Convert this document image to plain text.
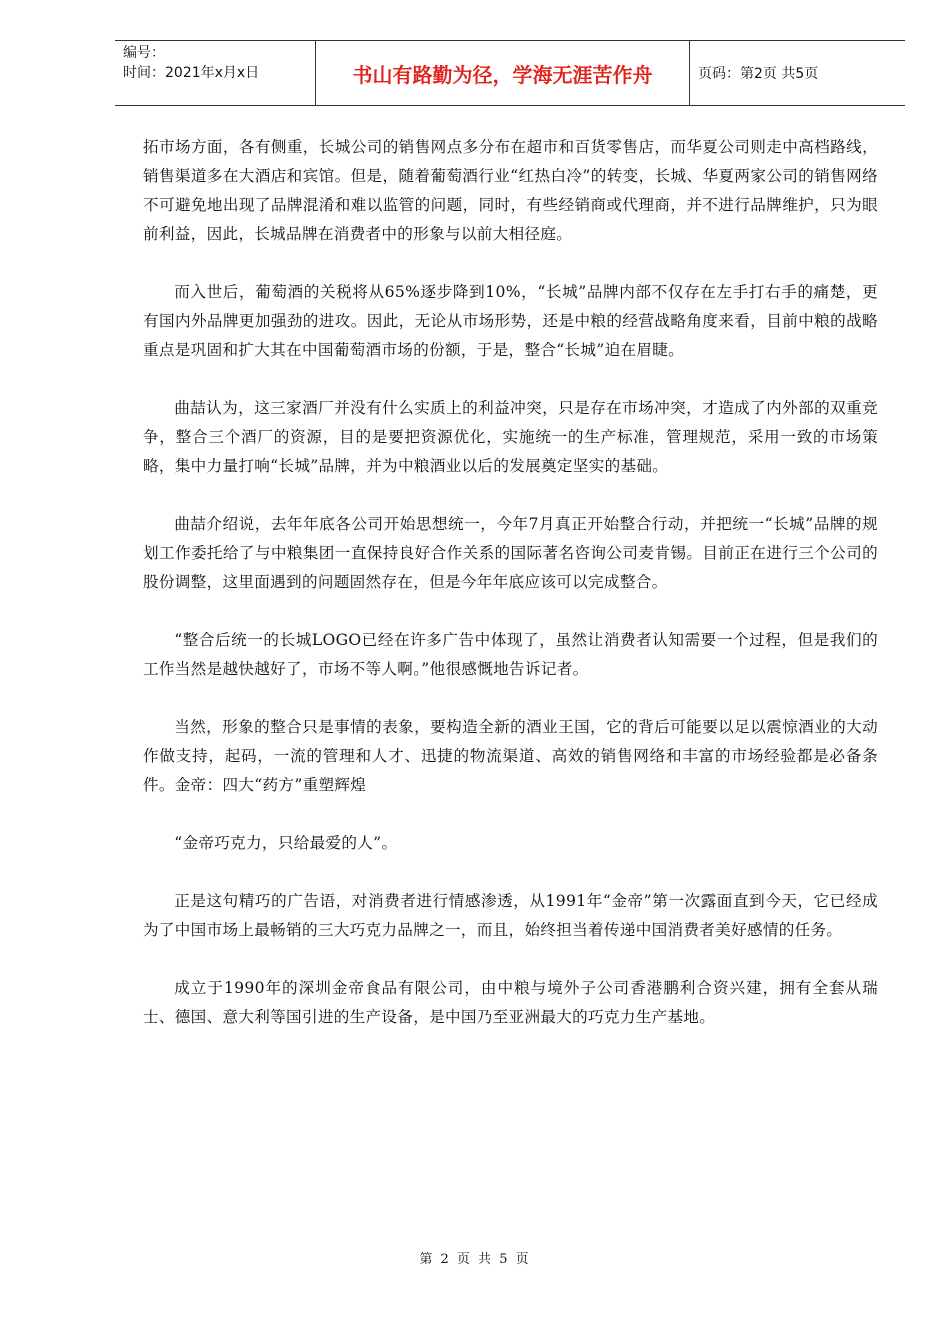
编号：
时间：2021年x月x日	书山有路勤为径，学海无涯苦作舟	页码：第2页 共5页

拓市场方面，各有侧重，长城公司的销售网点多分布在超市和百货零售店，而华夏公司则走中高档路线，销售渠道多在大酒店和宾馆。但是，随着葡萄酒行业“红热白冷”的转变，长城、华夏两家公司的销售网络不可避免地出现了品牌混淆和难以监管的问题，同时，有些经销商或代理商，并不进行品牌维护，只为眼前利益，因此，长城品牌在消费者中的形象与以前大相径庭。

而入世后，葡萄酒的关税将从65%逐步降到10%，“长城”品牌内部不仅存在左手打右手的痛楚，更有国内外品牌更加强劲的进攻。因此，无论从市场形势，还是中粮的经营战略角度来看，目前中粮的战略重点是巩固和扩大其在中国葡萄酒市场的份额，于是，整合“长城”迫在眉睫。

曲喆认为，这三家酒厂并没有什么实质上的利益冲突，只是存在市场冲突，才造成了内外部的双重竞争，整合三个酒厂的资源，目的是要把资源优化，实施统一的生产标准，管理规范，采用一致的市场策略，集中力量打响“长城”品牌，并为中粮酒业以后的发展奠定坚实的基础。

曲喆介绍说，去年年底各公司开始思想统一，今年7月真正开始整合行动，并把统一“长城”品牌的规划工作委托给了与中粮集团一直保持良好合作关系的国际著名咨询公司麦肯锡。目前正在进行三个公司的股份调整，这里面遇到的问题固然存在，但是今年年底应该可以完成整合。

“整合后统一的长城LOGO已经在许多广告中体现了，虽然让消费者认知需要一个过程，但是我们的工作当然是越快越好了，市场不等人啊。”他很感慨地告诉记者。

当然，形象的整合只是事情的表象，要构造全新的酒业王国，它的背后可能要以足以震惊酒业的大动作做支持，起码，一流的管理和人才、迅捷的物流渠道、高效的销售网络和丰富的市场经验都是必备条件。金帝：四大“药方”重塑辉煌

“金帝巧克力，只给最爱的人”。

正是这句精巧的广告语，对消费者进行情感渗透，从1991年“金帝”第一次露面直到今天，它已经成为了中国市场上最畅销的三大巧克力品牌之一，而且，始终担当着传递中国消费者美好感情的任务。

成立于1990年的深圳金帝食品有限公司，由中粮与境外子公司香港鹏利合资兴建，拥有全套从瑞士、德国、意大利等国引进的生产设备，是中国乃至亚洲最大的巧克力生产基地。

第 2 页 共 5 页
